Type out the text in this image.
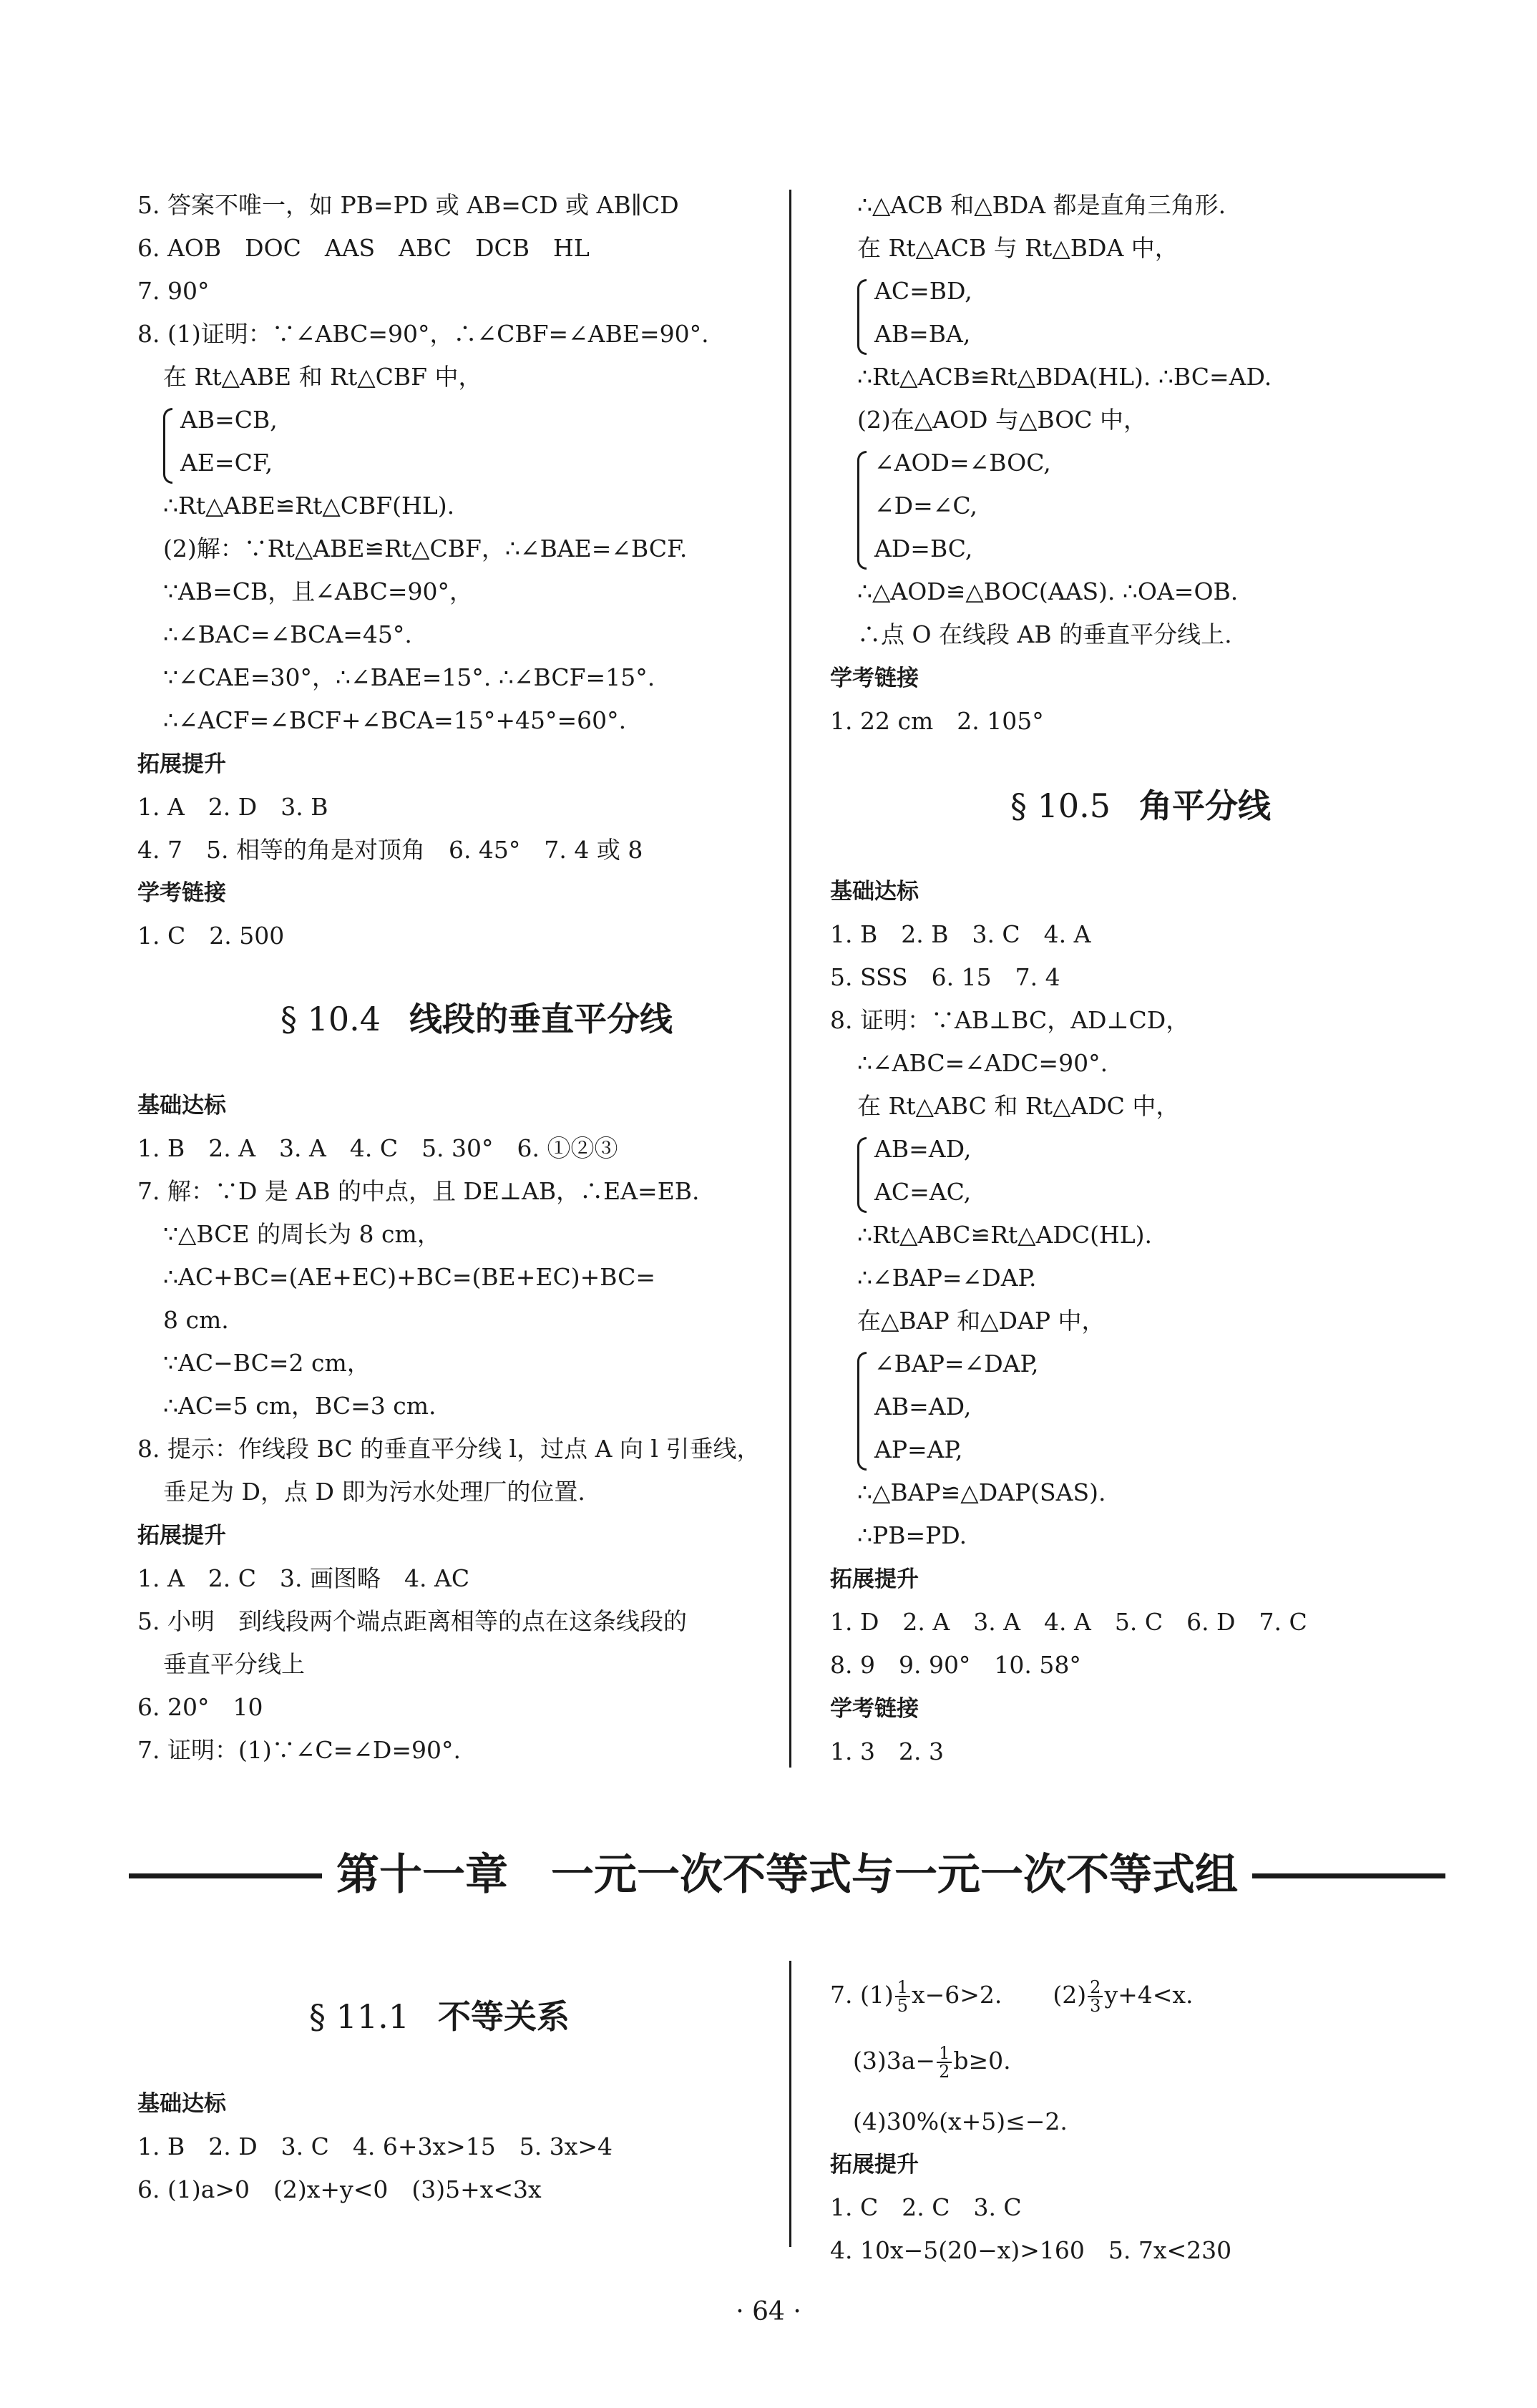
5. 答案不唯一，如 PB=PD 或 AB=CD 或 AB∥CD
6. AOB　DOC　AAS　ABC　DCB　HL
7. 90°
8. (1)证明：∵∠ABC=90°，∴∠CBF=∠ABE=90°.
在 Rt△ABE 和 Rt△CBF 中，
AB=CB,
AE=CF,
∴Rt△ABE≌Rt△CBF(HL).
(2)解：∵Rt△ABE≌Rt△CBF，∴∠BAE=∠BCF.
∵AB=CB，且∠ABC=90°，
∴∠BAC=∠BCA=45°.
∵∠CAE=30°，∴∠BAE=15°. ∴∠BCF=15°.
∴∠ACF=∠BCF+∠BCA=15°+45°=60°.
拓展提升
1. A　2. D　3. B
4. 7　5. 相等的角是对顶角　6. 45°　7. 4 或 8
学考链接
1. C　2. 500
§ 10.4 线段的垂直平分线
基础达标
1. B　2. A　3. A　4. C　5. 30°　6. ①②③
7. 解：∵D 是 AB 的中点，且 DE⊥AB，∴EA=EB.
∵△BCE 的周长为 8 cm，
∴AC+BC=(AE+EC)+BC=(BE+EC)+BC=
8 cm.
∵AC−BC=2 cm，
∴AC=5 cm，BC=3 cm.
8. 提示：作线段 BC 的垂直平分线 l，过点 A 向 l 引垂线，
垂足为 D，点 D 即为污水处理厂的位置.
拓展提升
1. A　2. C　3. 画图略　4. AC
5. 小明　到线段两个端点距离相等的点在这条线段的
垂直平分线上
6. 20°　10
7. 证明：(1)∵∠C=∠D=90°.
∴△ACB 和△BDA 都是直角三角形.
在 Rt△ACB 与 Rt△BDA 中，
AC=BD,
AB=BA,
∴Rt△ACB≌Rt△BDA(HL). ∴BC=AD.
(2)在△AOD 与△BOC 中，
∠AOD=∠BOC,
∠D=∠C,
AD=BC,
∴△AOD≌△BOC(AAS). ∴OA=OB.
∴点 O 在线段 AB 的垂直平分线上.
学考链接
1. 22 cm　2. 105°
§ 10.5 角平分线
基础达标
1. B　2. B　3. C　4. A
5. SSS　6. 15　7. 4
8. 证明：∵AB⊥BC，AD⊥CD，
∴∠ABC=∠ADC=90°.
在 Rt△ABC 和 Rt△ADC 中，
AB=AD,
AC=AC,
∴Rt△ABC≌Rt△ADC(HL).
∴∠BAP=∠DAP.
在△BAP 和△DAP 中，
∠BAP=∠DAP,
AB=AD,
AP=AP,
∴△BAP≌△DAP(SAS).
∴PB=PD.
拓展提升
1. D　2. A　3. A　4. A　5. C　6. D　7. C
8. 9　9. 90°　10. 58°
学考链接
1. 3　2. 3
第十一章　一元一次不等式与一元一次不等式组
§ 11.1 不等关系
基础达标
1. B　2. D　3. C　4. 6+3x>15　5. 3x>4
6. (1)a>0　(2)x+y<0　(3)5+x<3x
7. $(1) \frac{1}{5} x-6>2$. $(2) \frac{2}{3} y+4<x$.
$(3)3a- \frac{1}{2} b\ge 0$.
(4)30%(x+5)≤−2.
拓展提升
1. C　2. C　3. C
4. 10x−5(20−x)>160　5. 7x<230
· 64 ·
